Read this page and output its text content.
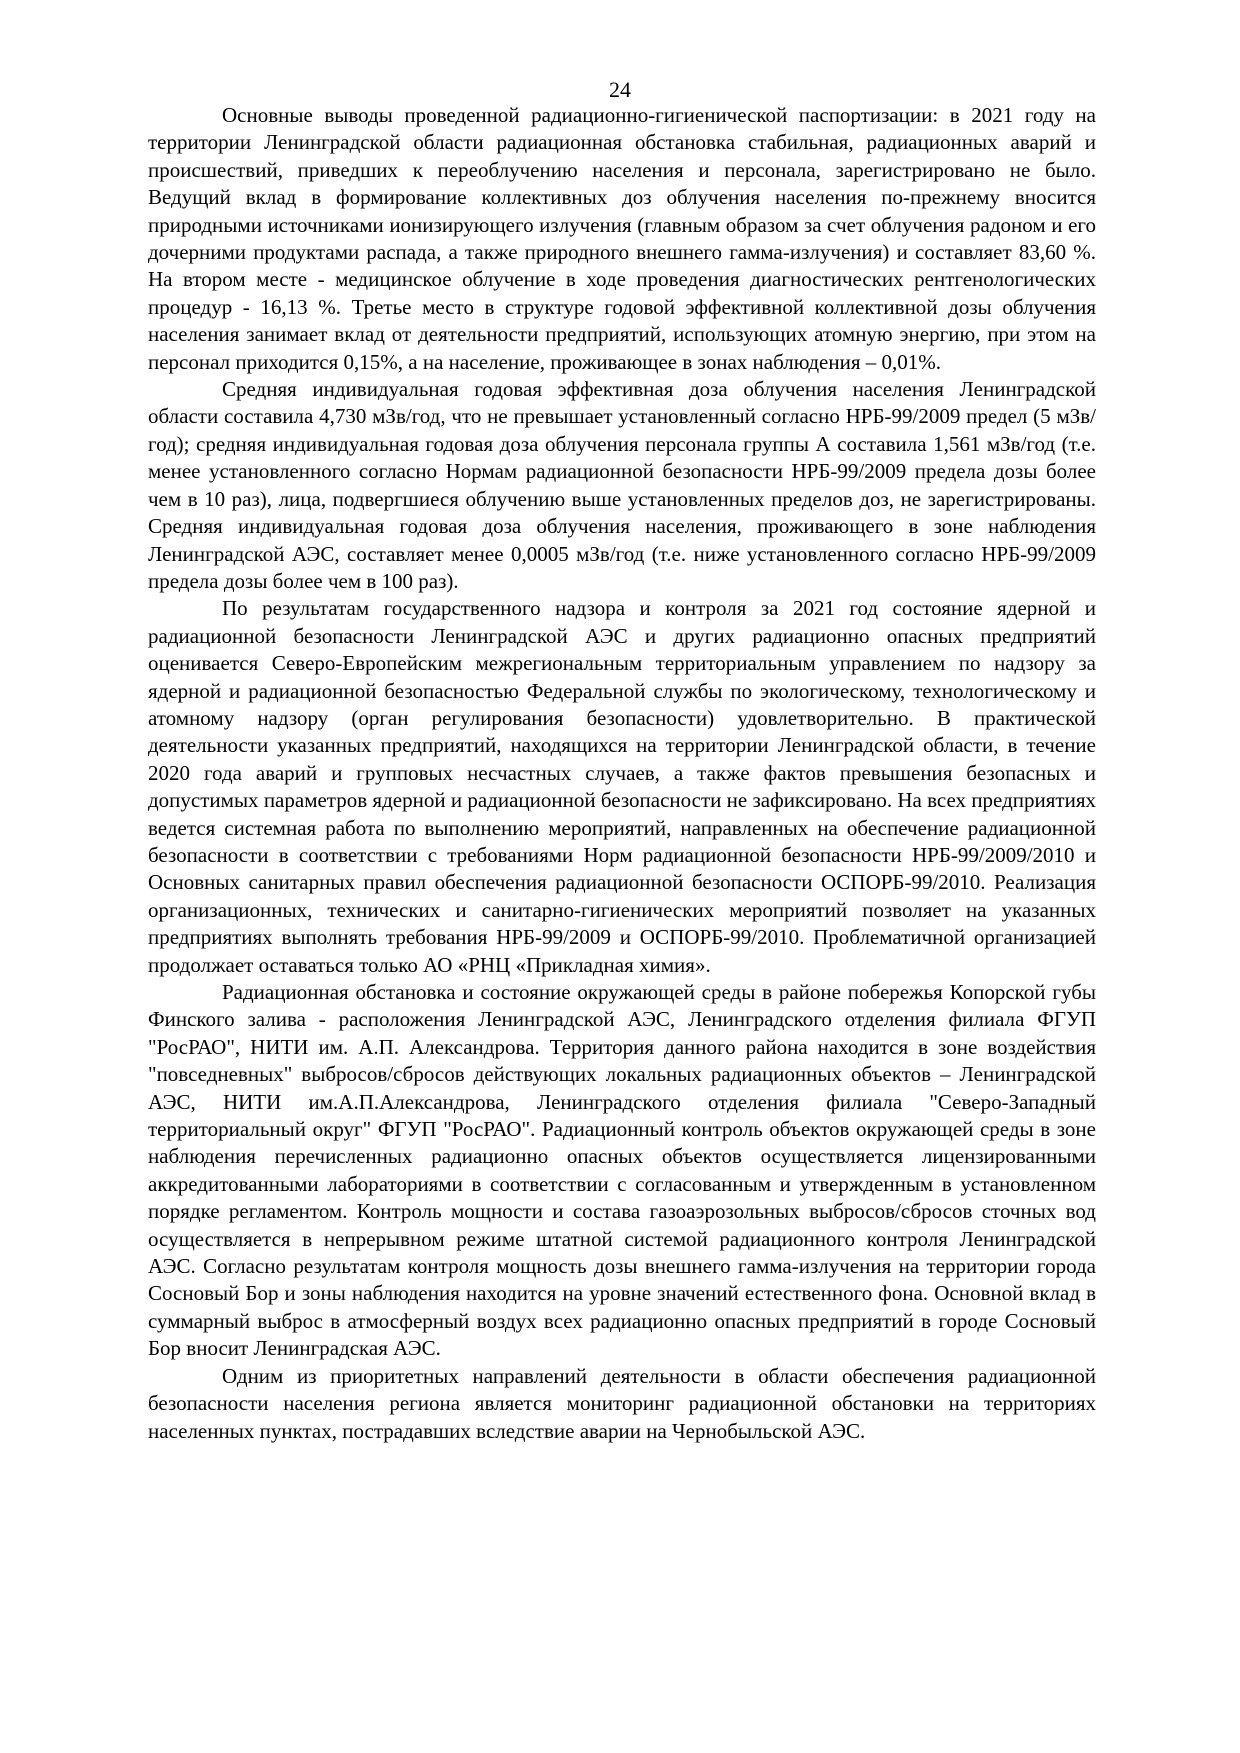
24

Основные выводы проведенной радиационно-гигиенической паспортизации: в 2021 году на территории Ленинградской области радиационная обстановка стабильная, радиационных аварий и происшествий, приведших к переоблучению населения и персонала, зарегистрировано не было. Ведущий вклад в формирование коллективных доз облучения населения по-прежнему вносится природными источниками ионизирующего излучения (главным образом за счет облучения радоном и его дочерними продуктами распада, а также природного внешнего гамма-излучения) и составляет 83,60 %. На втором месте - медицинское облучение в ходе проведения диагностических рентгенологических процедур - 16,13 %. Третье место в структуре годовой эффективной коллективной дозы облучения населения занимает вклад от деятельности предприятий, использующих атомную энергию, при этом на персонал приходится 0,15%, а на население, проживающее в зонах наблюдения – 0,01%.

Средняя индивидуальная годовая эффективная доза облучения населения Ленинградской области составила 4,730 мЗв/год, что не превышает установленный согласно НРБ-99/2009 предел (5 мЗв/год); средняя индивидуальная годовая доза облучения персонала группы А составила 1,561 мЗв/год (т.е. менее установленного согласно Нормам радиационной безопасности НРБ-99/2009 предела дозы более чем в 10 раз), лица, подвергшиеся облучению выше установленных пределов доз, не зарегистрированы. Средняя индивидуальная годовая доза облучения населения, проживающего в зоне наблюдения Ленинградской АЭС, составляет менее 0,0005 мЗв/год (т.е. ниже установленного согласно НРБ-99/2009 предела дозы более чем в 100 раз).

По результатам государственного надзора и контроля за 2021 год состояние ядерной и радиационной безопасности Ленинградской АЭС и других радиационно опасных предприятий оценивается Северо-Европейским межрегиональным территориальным управлением по надзору за ядерной и радиационной безопасностью Федеральной службы по экологическому, технологическому и атомному надзору (орган регулирования безопасности) удовлетворительно. В практической деятельности указанных предприятий, находящихся на территории Ленинградской области, в течение 2020 года аварий и групповых несчастных случаев, а также фактов превышения безопасных и допустимых параметров ядерной и радиационной безопасности не зафиксировано. На всех предприятиях ведется системная работа по выполнению мероприятий, направленных на обеспечение радиационной безопасности в соответствии с требованиями Норм радиационной безопасности НРБ-99/2009/2010 и Основных санитарных правил обеспечения радиационной безопасности ОСПОРБ-99/2010. Реализация организационных, технических и санитарно-гигиенических мероприятий позволяет на указанных предприятиях выполнять требования НРБ-99/2009 и ОСПОРБ-99/2010. Проблематичной организацией продолжает оставаться только АО «РНЦ «Прикладная химия».

Радиационная обстановка и состояние окружающей среды в районе побережья Копорской губы Финского залива - расположения Ленинградской АЭС, Ленинградского отделения филиала ФГУП "РосРАО", НИТИ им. А.П. Александрова. Территория данного района находится в зоне воздействия "повседневных" выбросов/сбросов действующих локальных радиационных объектов – Ленинградской АЭС, НИТИ им.А.П.Александрова, Ленинградского отделения филиала "Северо-Западный территориальный округ" ФГУП "РосРАО". Радиационный контроль объектов окружающей среды в зоне наблюдения перечисленных радиационно опасных объектов осуществляется лицензированными аккредитованными лабораториями в соответствии с согласованным и утвержденным в установленном порядке регламентом. Контроль мощности и состава газоаэрозольных выбросов/сбросов сточных вод осуществляется в непрерывном режиме штатной системой радиационного контроля Ленинградской АЭС. Согласно результатам контроля мощность дозы внешнего гамма-излучения на территории города Сосновый Бор и зоны наблюдения находится на уровне значений естественного фона. Основной вклад в суммарный выброс в атмосферный воздух всех радиационно опасных предприятий в городе Сосновый Бор вносит Ленинградская АЭС.

Одним из приоритетных направлений деятельности в области обеспечения радиационной безопасности населения региона является мониторинг радиационной обстановки на территориях населенных пунктах, пострадавших вследствие аварии на Чернобыльской АЭС.
